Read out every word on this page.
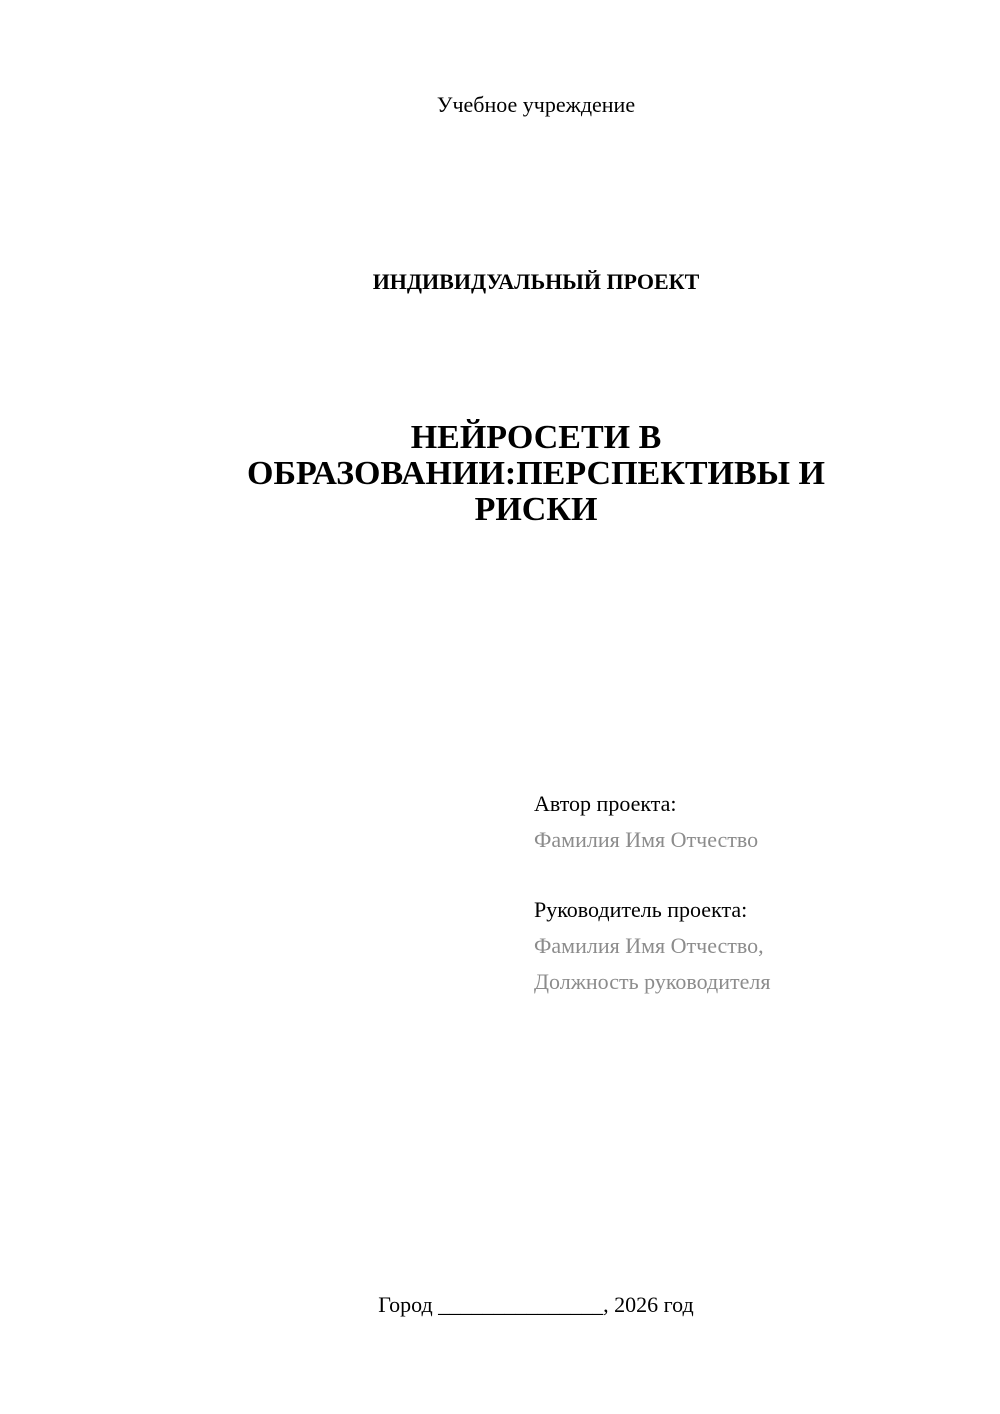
Учебное учреждение
ИНДИВИДУАЛЬНЫЙ ПРОЕКТ
НЕЙРОСЕТИ В
ОБРАЗОВАНИИ:ПЕРСПЕКТИВЫ И
РИСКИ
Автор проекта:
Фамилия Имя Отчество
Руководитель проекта:
Фамилия Имя Отчество,
Должность руководителя
Город _______________, 2026 год
